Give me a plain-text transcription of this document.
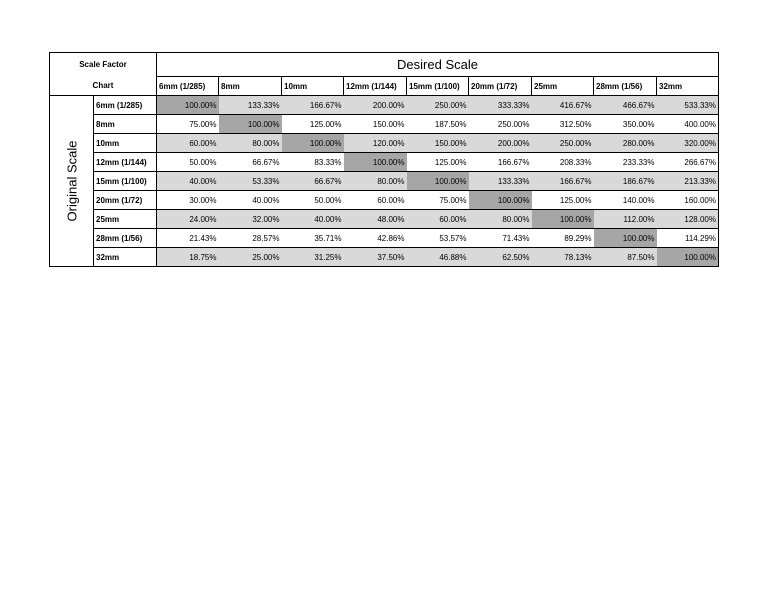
Scale Factor		Desired Scale								
Chart		6mm (1/285)	8mm	10mm	12mm (1/144)	15mm (1/100)	20mm (1/72)	25mm	28mm (1/56)	32mm

Original Scale	6mm (1/285)	100.00%	133.33%	166.67%	200.00%	250.00%	333.33%	416.67%	466.67%	533.33%
	8mm	75.00%	100.00%	125.00%	150.00%	187.50%	250.00%	312.50%	350.00%	400.00%
	10mm	60.00%	80.00%	100.00%	120.00%	150.00%	200.00%	250.00%	280.00%	320.00%
	12mm (1/144)	50.00%	66.67%	83.33%	100.00%	125.00%	166.67%	208.33%	233.33%	266.67%
	15mm (1/100)	40.00%	53.33%	66.67%	80.00%	100.00%	133.33%	166.67%	186.67%	213.33%
	20mm (1/72)	30.00%	40.00%	50.00%	60.00%	75.00%	100.00%	125.00%	140.00%	160.00%
	25mm	24.00%	32.00%	40.00%	48.00%	60.00%	80.00%	100.00%	112.00%	128.00%
	28mm (1/56)	21.43%	28.57%	35.71%	42.86%	53.57%	71.43%	89.29%	100.00%	114.29%
	32mm	18.75%	25.00%	31.25%	37.50%	46.88%	62.50%	78.13%	87.50%	100.00%
